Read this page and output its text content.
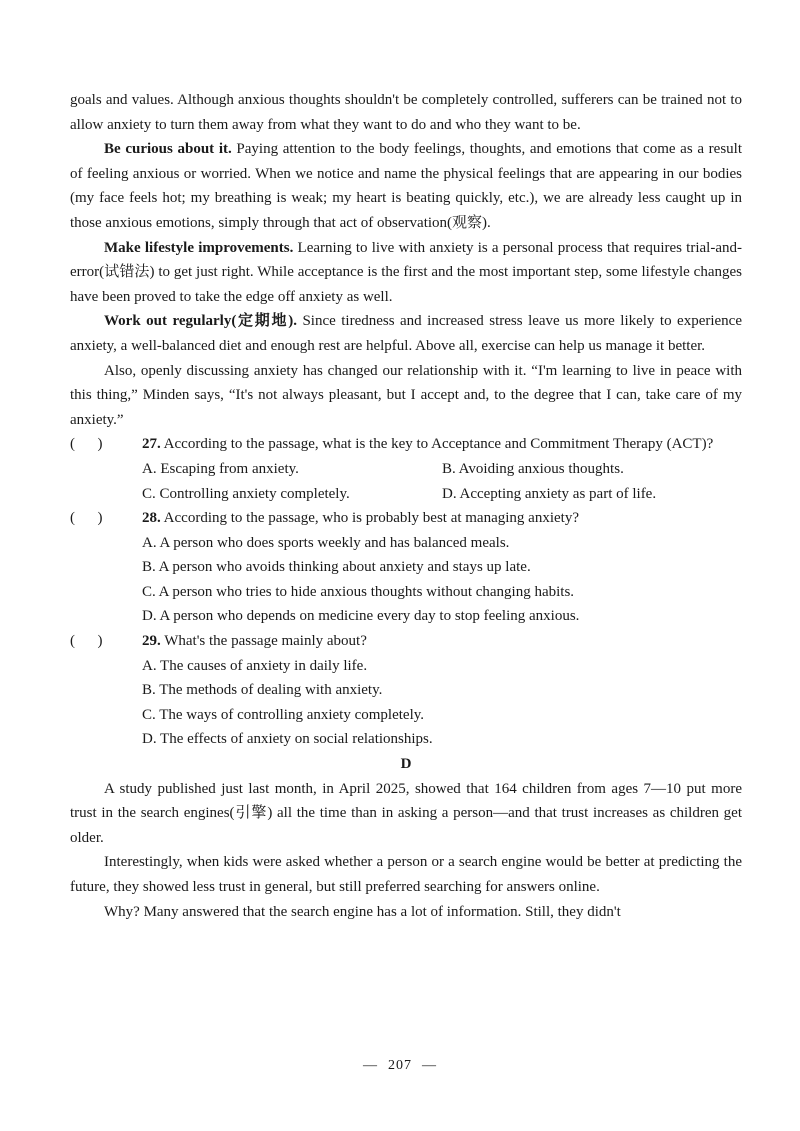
goals and values. Although anxious thoughts shouldn't be completely controlled, sufferers can be trained not to allow anxiety to turn them away from what they want to do and who they want to be.

Be curious about it. Paying attention to the body feelings, thoughts, and emotions that come as a result of feeling anxious or worried. When we notice and name the physical feelings that are appearing in our bodies (my face feels hot; my breathing is weak; my heart is beating quickly, etc.), we are already less caught up in those anxious emotions, simply through that act of observation(观察).

Make lifestyle improvements. Learning to live with anxiety is a personal process that requires trial-and-error(试错法) to get just right. While acceptance is the first and the most important step, some lifestyle changes have been proved to take the edge off anxiety as well.

Work out regularly(定期地). Since tiredness and increased stress leave us more likely to experience anxiety, a well-balanced diet and enough rest are helpful. Above all, exercise can help us manage it better.

Also, openly discussing anxiety has changed our relationship with it. “I'm learning to live in peace with this thing,” Minden says, “It's not always pleasant, but I accept and, to the degree that I can, take care of my anxiety.”

(      )	27. According to the passage, what is the key to Acceptance and Commitment Therapy (ACT)?
A. Escaping from anxiety.	B. Avoiding anxious thoughts.
C. Controlling anxiety completely.	D. Accepting anxiety as part of life.
(      )	28. According to the passage, who is probably best at managing anxiety?
A. A person who does sports weekly and has balanced meals.
B. A person who avoids thinking about anxiety and stays up late.
C. A person who tries to hide anxious thoughts without changing habits.
D. A person who depends on medicine every day to stop feeling anxious.
(      )	29. What's the passage mainly about?
A. The causes of anxiety in daily life.
B. The methods of dealing with anxiety.
C. The ways of controlling anxiety completely.
D. The effects of anxiety on social relationships.

D

A study published just last month, in April 2025, showed that 164 children from ages 7—10 put more trust in the search engines(引擎) all the time than in asking a person—and that trust increases as children get older.

Interestingly, when kids were asked whether a person or a search engine would be better at predicting the future, they showed less trust in general, but still preferred searching for answers online.

Why? Many answered that the search engine has a lot of information. Still, they didn't

— 207 —
